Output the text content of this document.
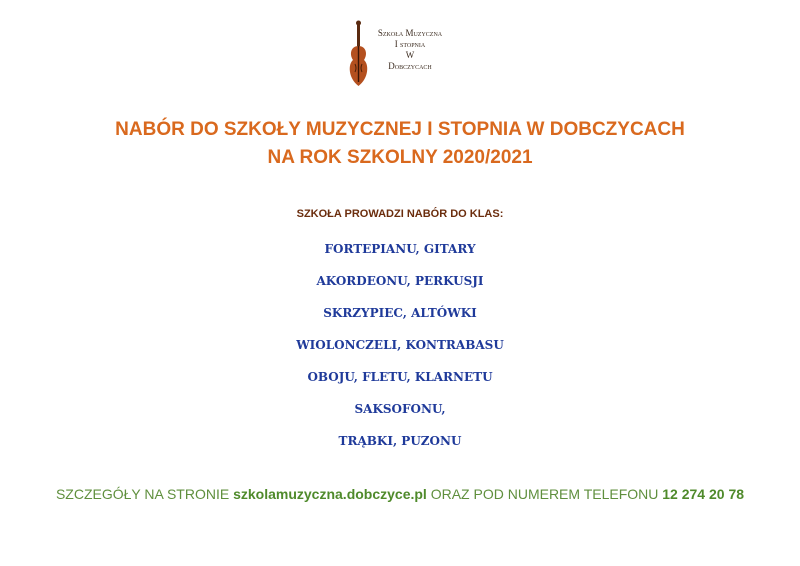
Szkoła Muzyczna
I stopnia
W
Dobczycach
NABÓR DO SZKOŁY MUZYCZNEJ I STOPNIA W DOBCZYCACH
NA ROK SZKOLNY 2020/2021
SZKOŁA PROWADZI NABÓR DO KLAS:
FORTEPIANU, GITARY
AKORDEONU, PERKUSJI
SKRZYPIEC, ALTÓWKI
WIOLONCZELI, KONTRABASU
OBOJU, FLETU, KLARNETU
SAKSOFONU,
TRĄBKI, PUZONU
SZCZEGÓŁY NA STRONIE szkolamuzyczna.dobczyce.pl ORAZ POD NUMEREM TELEFONU 12 274 20 78
